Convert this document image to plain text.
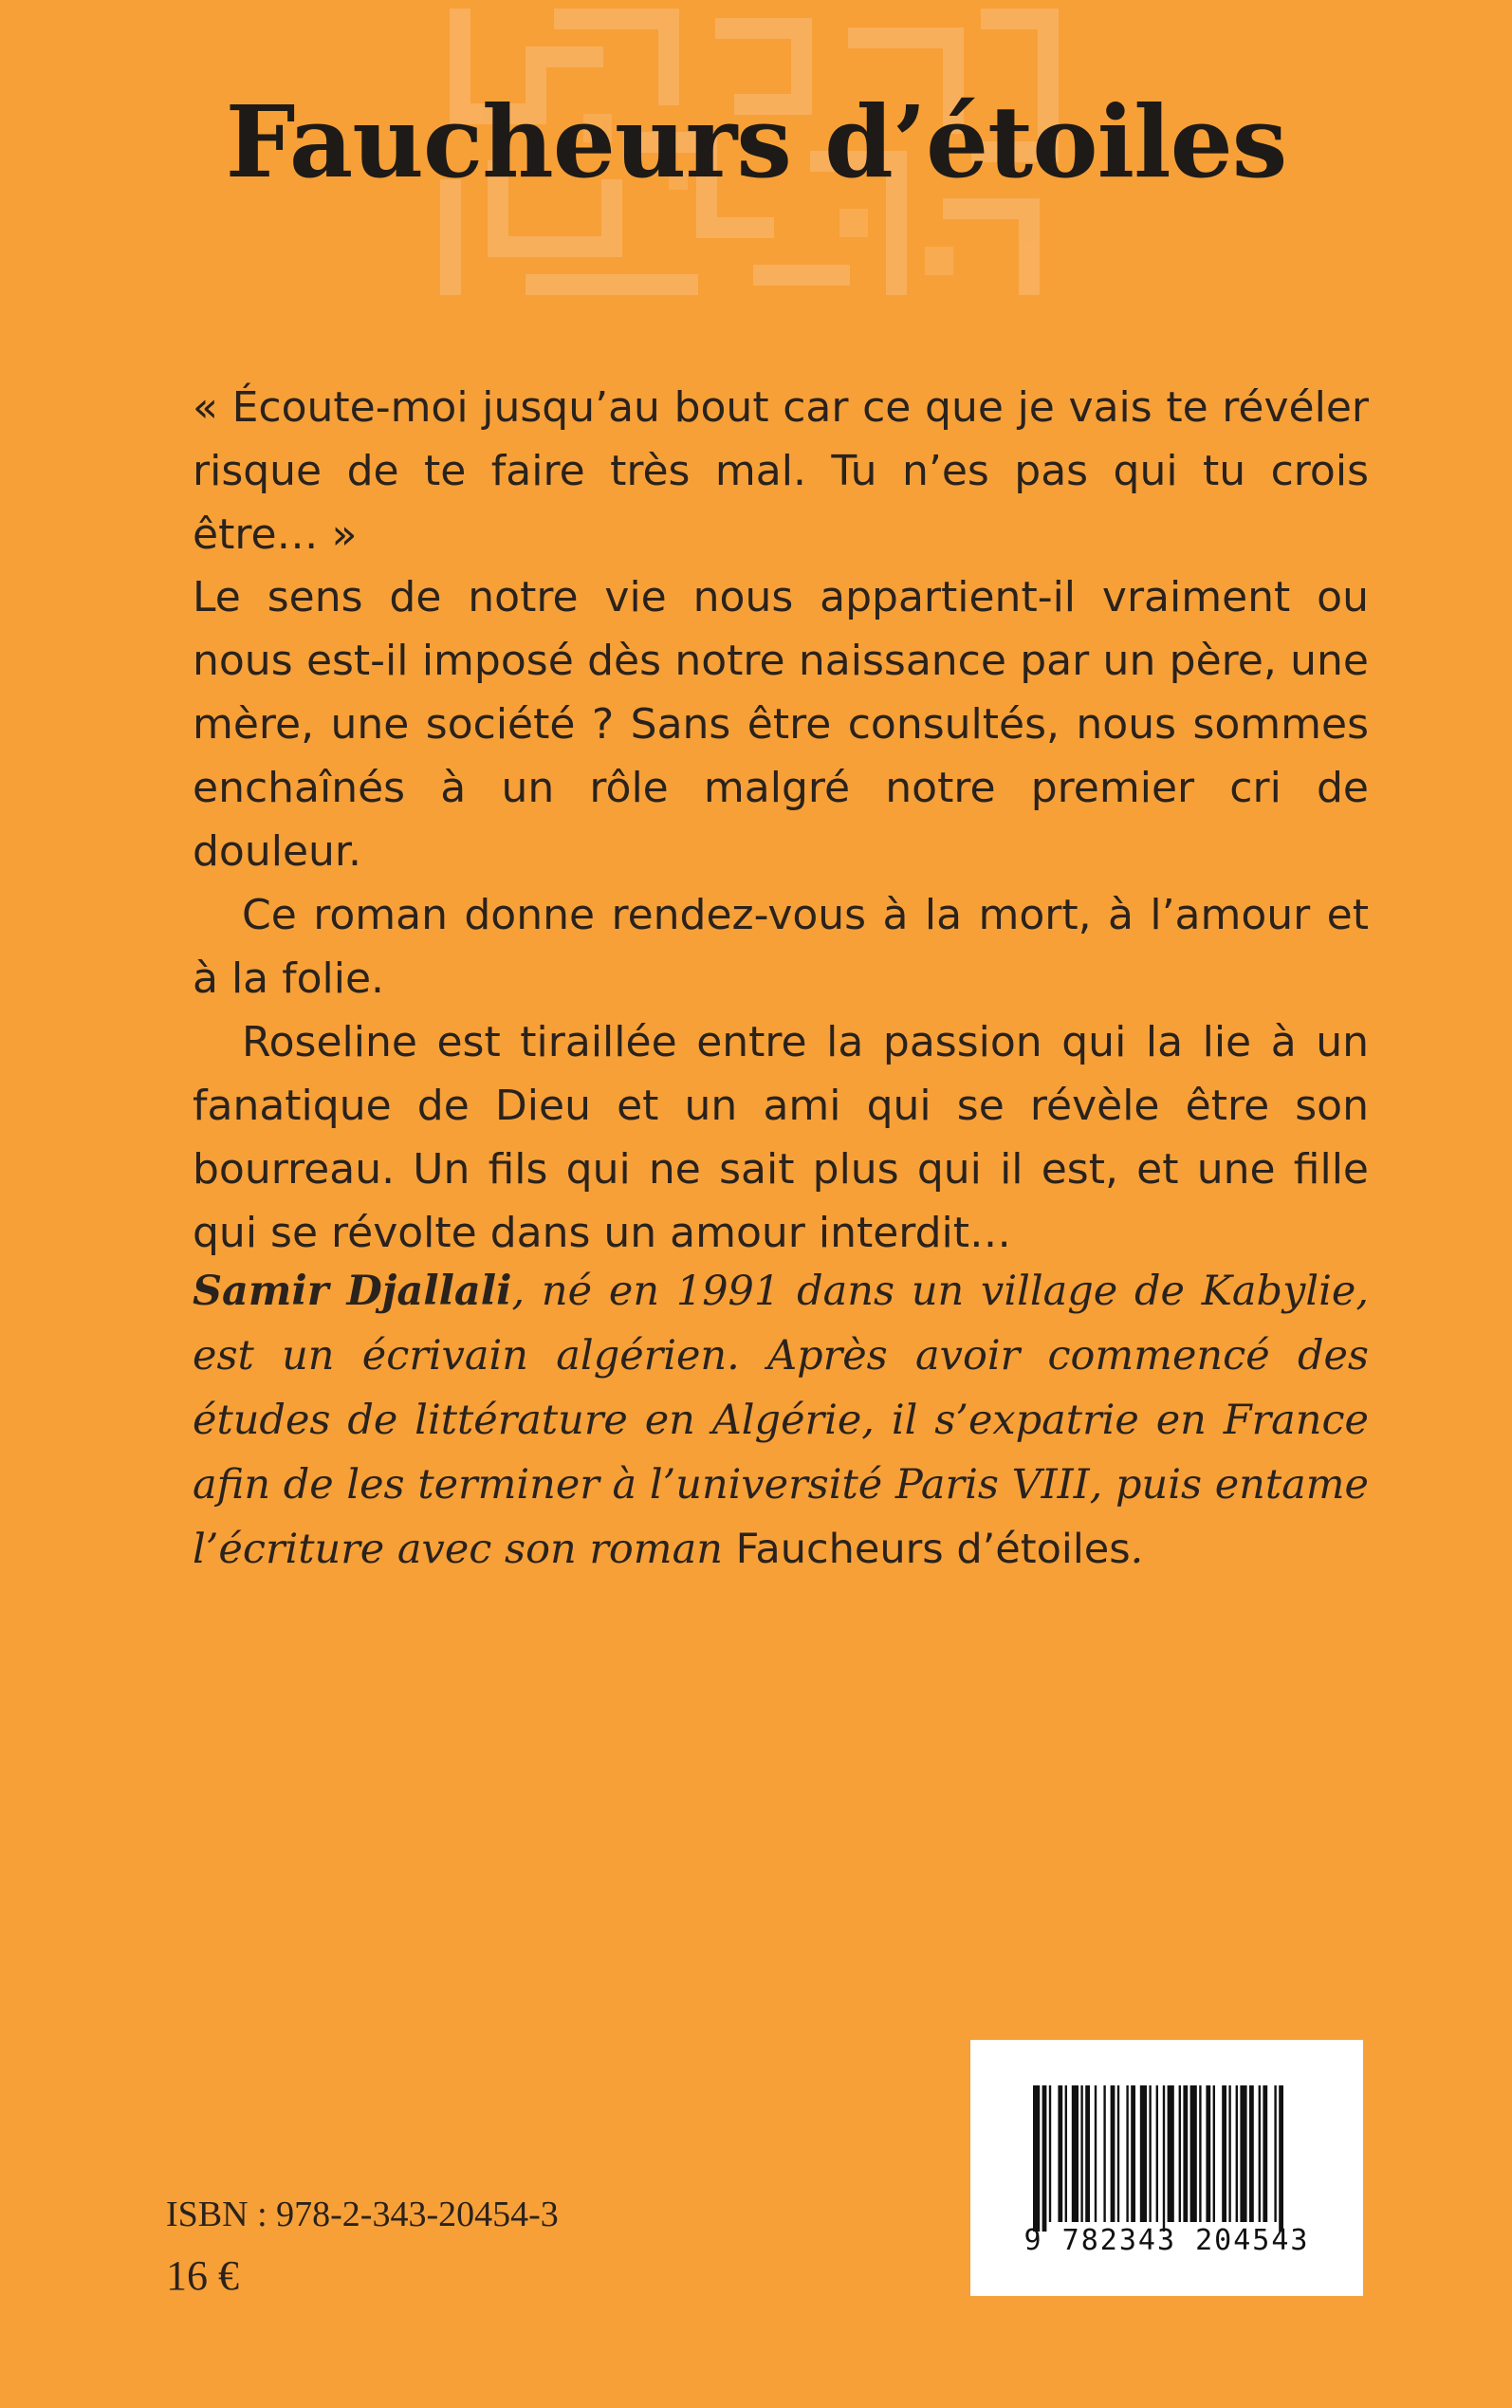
Faucheurs d’étoiles

« Écoute-moi jusqu’au bout car ce que je vais te révéler risque de te faire très mal. Tu n’es pas qui tu crois être… »

Le sens de notre vie nous appartient-il vraiment ou nous est-il imposé dès notre naissance par un père, une mère, une société ? Sans être consultés, nous sommes enchaînés à un rôle malgré notre premier cri de douleur.

Ce roman donne rendez-vous à la mort, à l’amour et à la folie.

Roseline est tiraillée entre la passion qui la lie à un fanatique de Dieu et un ami qui se révèle être son bourreau. Un fils qui ne sait plus qui il est, et une fille qui se révolte dans un amour interdit…

Samir Djallali, né en 1991 dans un village de Kabylie, est un écrivain algérien. Après avoir commencé des études de littérature en Algérie, il s’expatrie en France afin de les terminer à l’université Paris VIII, puis entame l’écriture avec son roman Faucheurs d’étoiles.

ISBN : 978-2-343-20454-3
16 €
9 782343 204543
